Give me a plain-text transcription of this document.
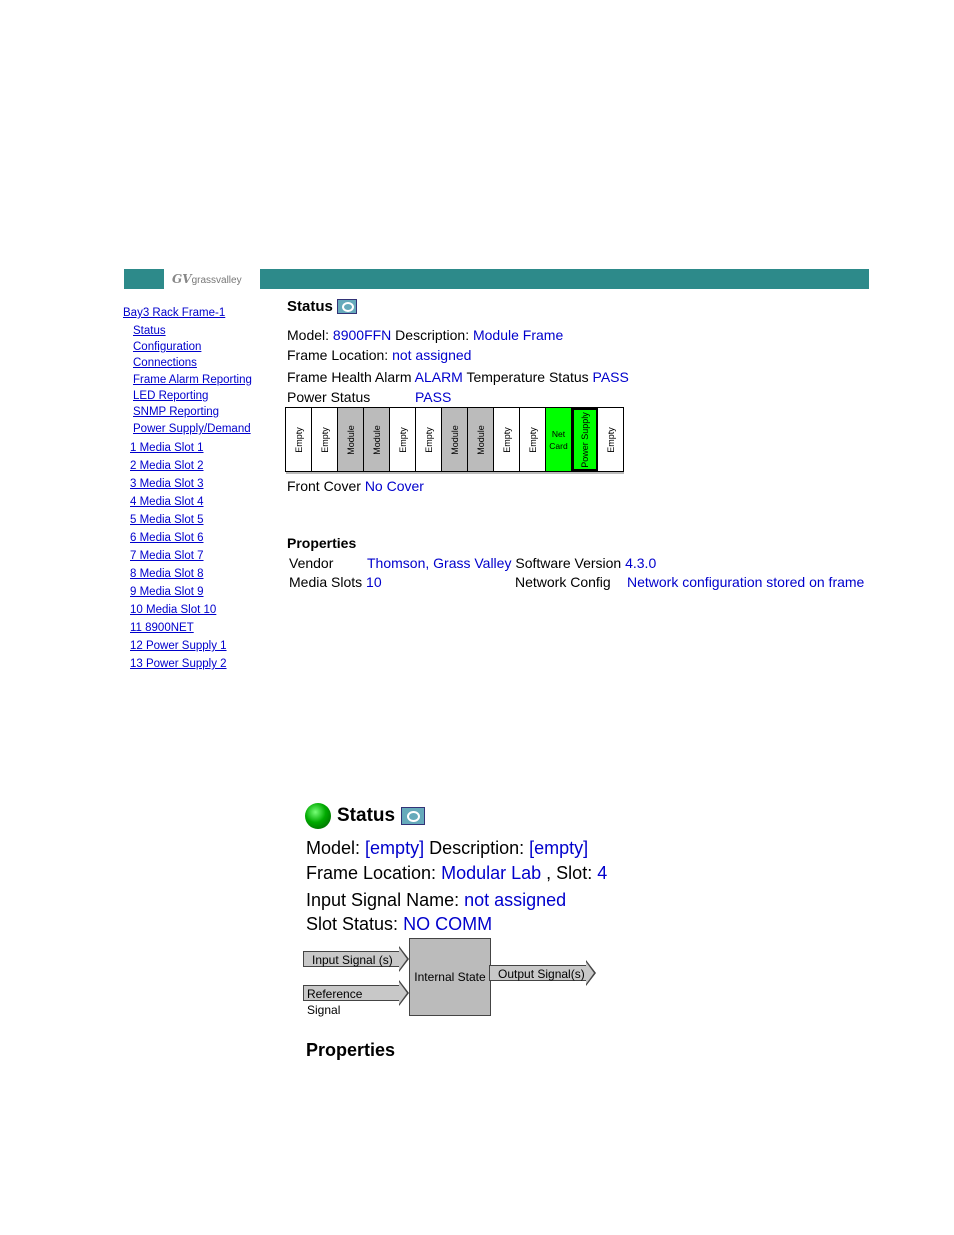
GVgrassvalley
Bay3 Rack Frame-1
Status
Configuration
Connections
Frame Alarm Reporting
LED Reporting
SNMP Reporting
Power Supply/Demand
1 Media Slot 1
2 Media Slot 2
3 Media Slot 3
4 Media Slot 4
5 Media Slot 5
6 Media Slot 6
7 Media Slot 7
8 Media Slot 8
9 Media Slot 9
10 Media Slot 10
11 8900NET
12 Power Supply 1
13 Power Supply 2
Status
Model: 8900FFN Description: Module Frame
Frame Location: not assigned
Frame Health Alarm ALARM Temperature Status PASS
Power Status	PASS
Front Cover No Cover
Properties
Vendor Thomson, Grass Valley Software Version 4.3.0
Media Slots 10	Network Config Network configuration stored on frame
Empty Empty Module Module Empty Empty Module Module Empty Empty	Net Card	Power Supply Empty
Status
Model: [empty] Description: [empty]
Frame Location: Modular Lab , Slot: 4
Input Signal Name: not assigned
Slot Status: NO COMM
Properties
Input Signal (s)
Reference Signal
Internal State	Output Signal(s)
